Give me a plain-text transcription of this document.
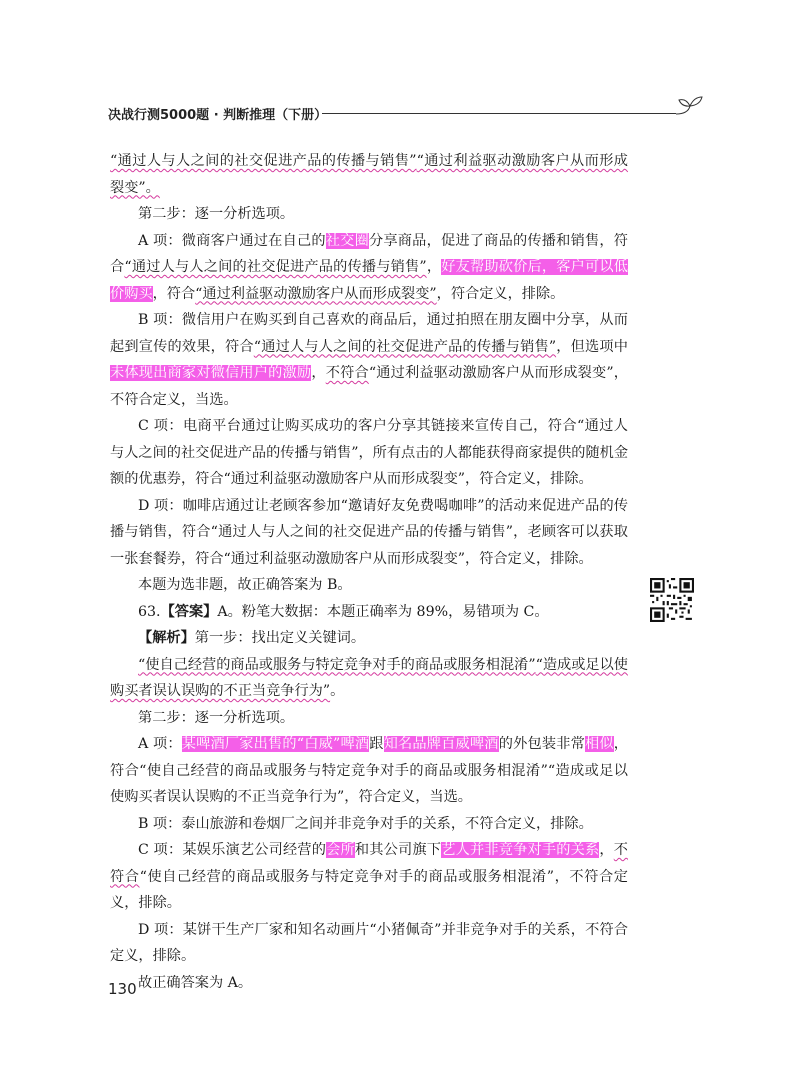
决战行测5000题 · 判断推理（下册）

“通过人与人之间的社交促进产品的传播与销售”“通过利益驱动激励客户从而形成裂变”。

第二步：逐一分析选项。

A 项：微商客户通过在自己的社交圈分享商品，促进了商品的传播和销售，符合“通过人与人之间的社交促进产品的传播与销售”，好友帮助砍价后，客户可以低价购买，符合“通过利益驱动激励客户从而形成裂变”，符合定义，排除。

B 项：微信用户在购买到自己喜欢的商品后，通过拍照在朋友圈中分享，从而起到宣传的效果，符合“通过人与人之间的社交促进产品的传播与销售”，但选项中未体现出商家对微信用户的激励，不符合“通过利益驱动激励客户从而形成裂变”，不符合定义，当选。

C 项：电商平台通过让购买成功的客户分享其链接来宣传自己，符合“通过人与人之间的社交促进产品的传播与销售”，所有点击的人都能获得商家提供的随机金额的优惠券，符合“通过利益驱动激励客户从而形成裂变”，符合定义，排除。

D 项：咖啡店通过让老顾客参加“邀请好友免费喝咖啡”的活动来促进产品的传播与销售，符合“通过人与人之间的社交促进产品的传播与销售”，老顾客可以获取一张套餐券，符合“通过利益驱动激励客户从而形成裂变”，符合定义，排除。

本题为选非题，故正确答案为 B。

63.【答案】A。粉笔大数据：本题正确率为 89%，易错项为 C。

【解析】第一步：找出定义关键词。

“使自己经营的商品或服务与特定竞争对手的商品或服务相混淆”“造成或足以使购买者误认误购的不正当竞争行为”。

第二步：逐一分析选项。

A 项：某啤酒厂家出售的“白威”啤酒跟知名品牌百威啤酒的外包装非常相似，符合“使自己经营的商品或服务与特定竞争对手的商品或服务相混淆”“造成或足以使购买者误认误购的不正当竞争行为”，符合定义，当选。

B 项：泰山旅游和卷烟厂之间并非竞争对手的关系，不符合定义，排除。

C 项：某娱乐演艺公司经营的会所和其公司旗下艺人并非竞争对手的关系，不符合“使自己经营的商品或服务与特定竞争对手的商品或服务相混淆”，不符合定义，排除。

D 项：某饼干生产厂家和知名动画片“小猪佩奇”并非竞争对手的关系，不符合定义，排除。

故正确答案为 A。

130
